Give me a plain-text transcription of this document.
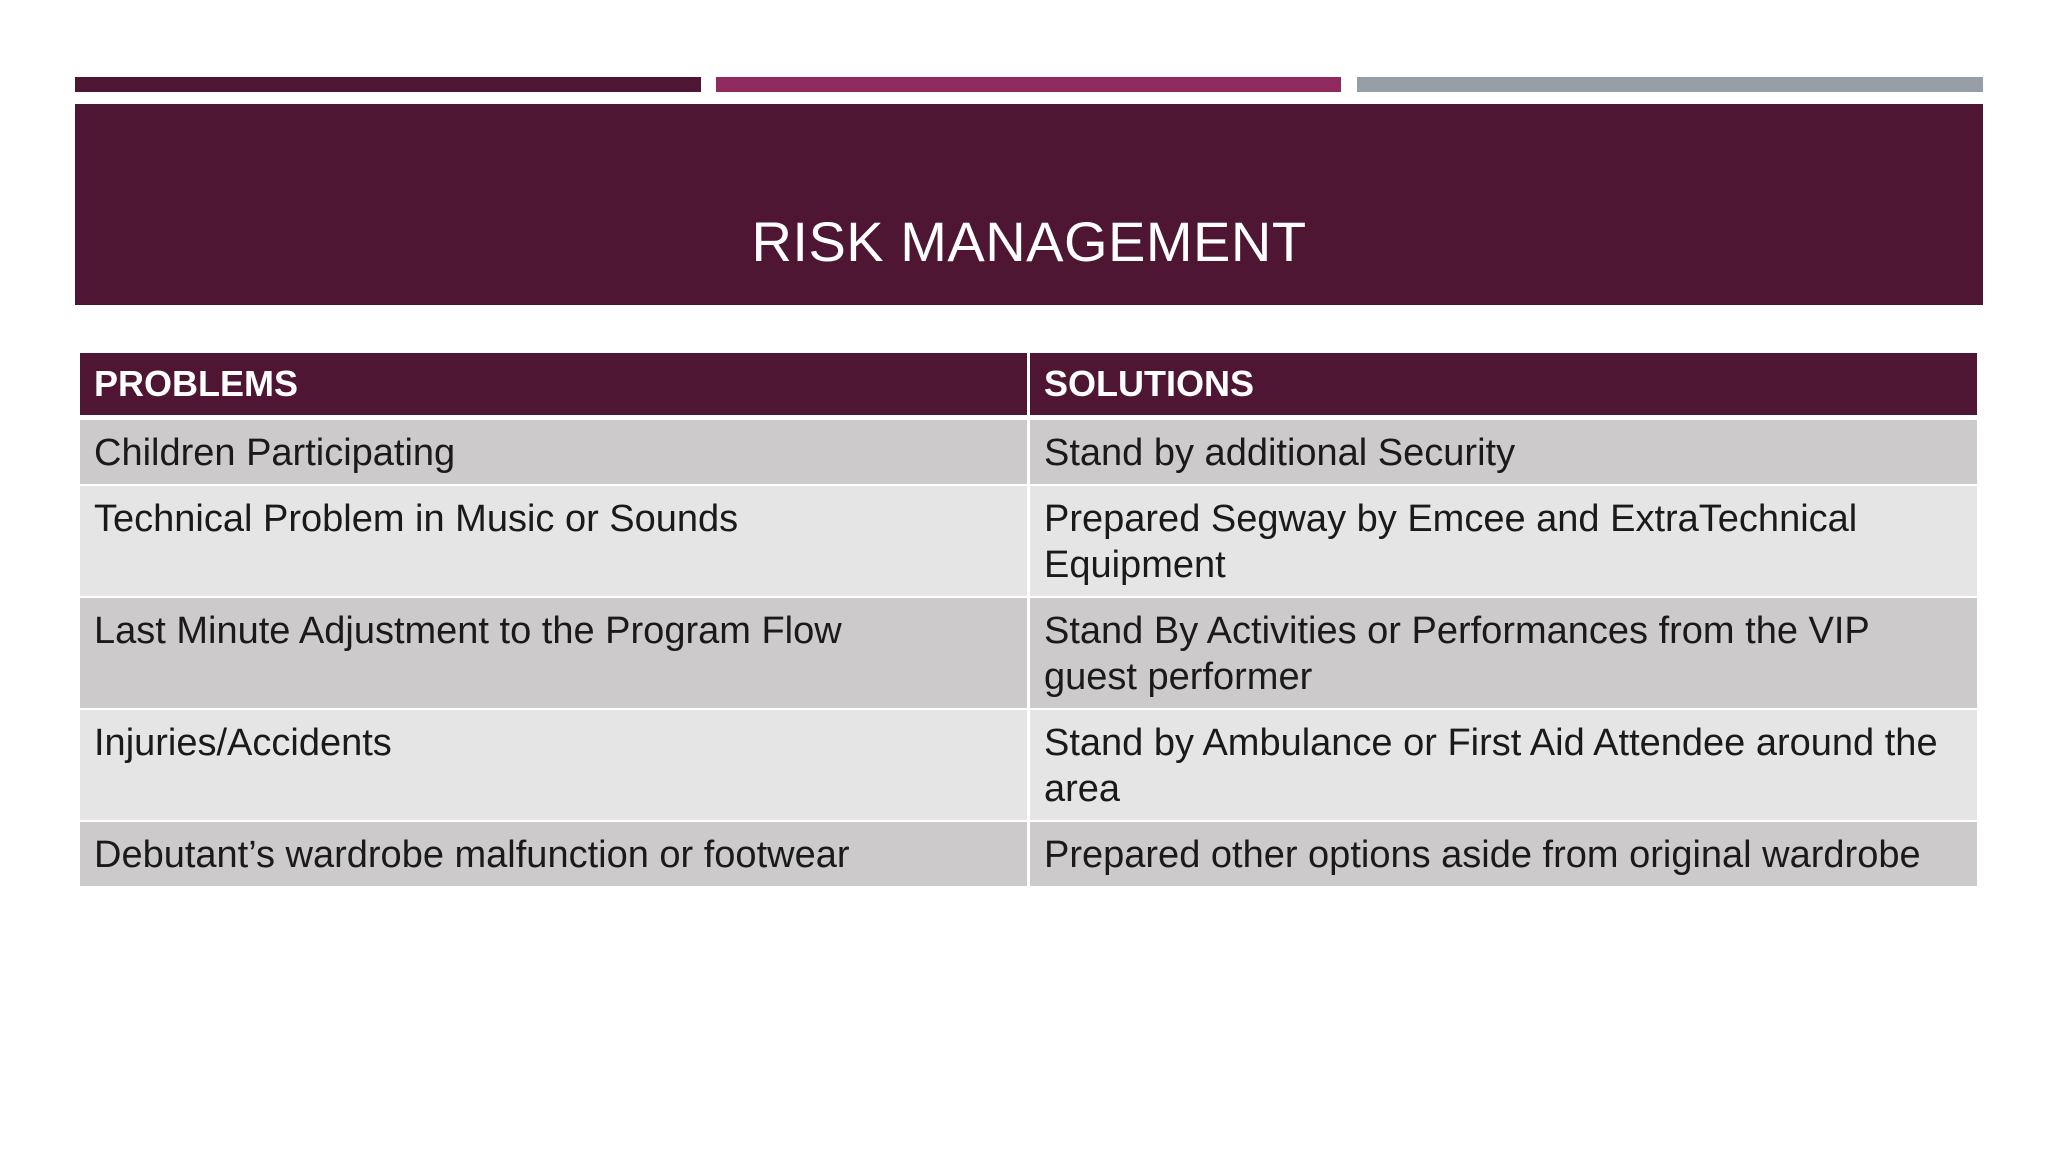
RISK MANAGEMENT
PROBLEMS	SOLUTIONS
Children Participating	Stand by additional Security
Technical Problem in Music or Sounds	Prepared Segway by Emcee and ExtraTechnical Equipment
Last Minute Adjustment to the Program Flow	Stand By Activities or Performances from the VIP guest performer
Injuries/Accidents	Stand by Ambulance or First Aid Attendee around the area
Debutant’s wardrobe malfunction or footwear	Prepared other options aside from original wardrobe
